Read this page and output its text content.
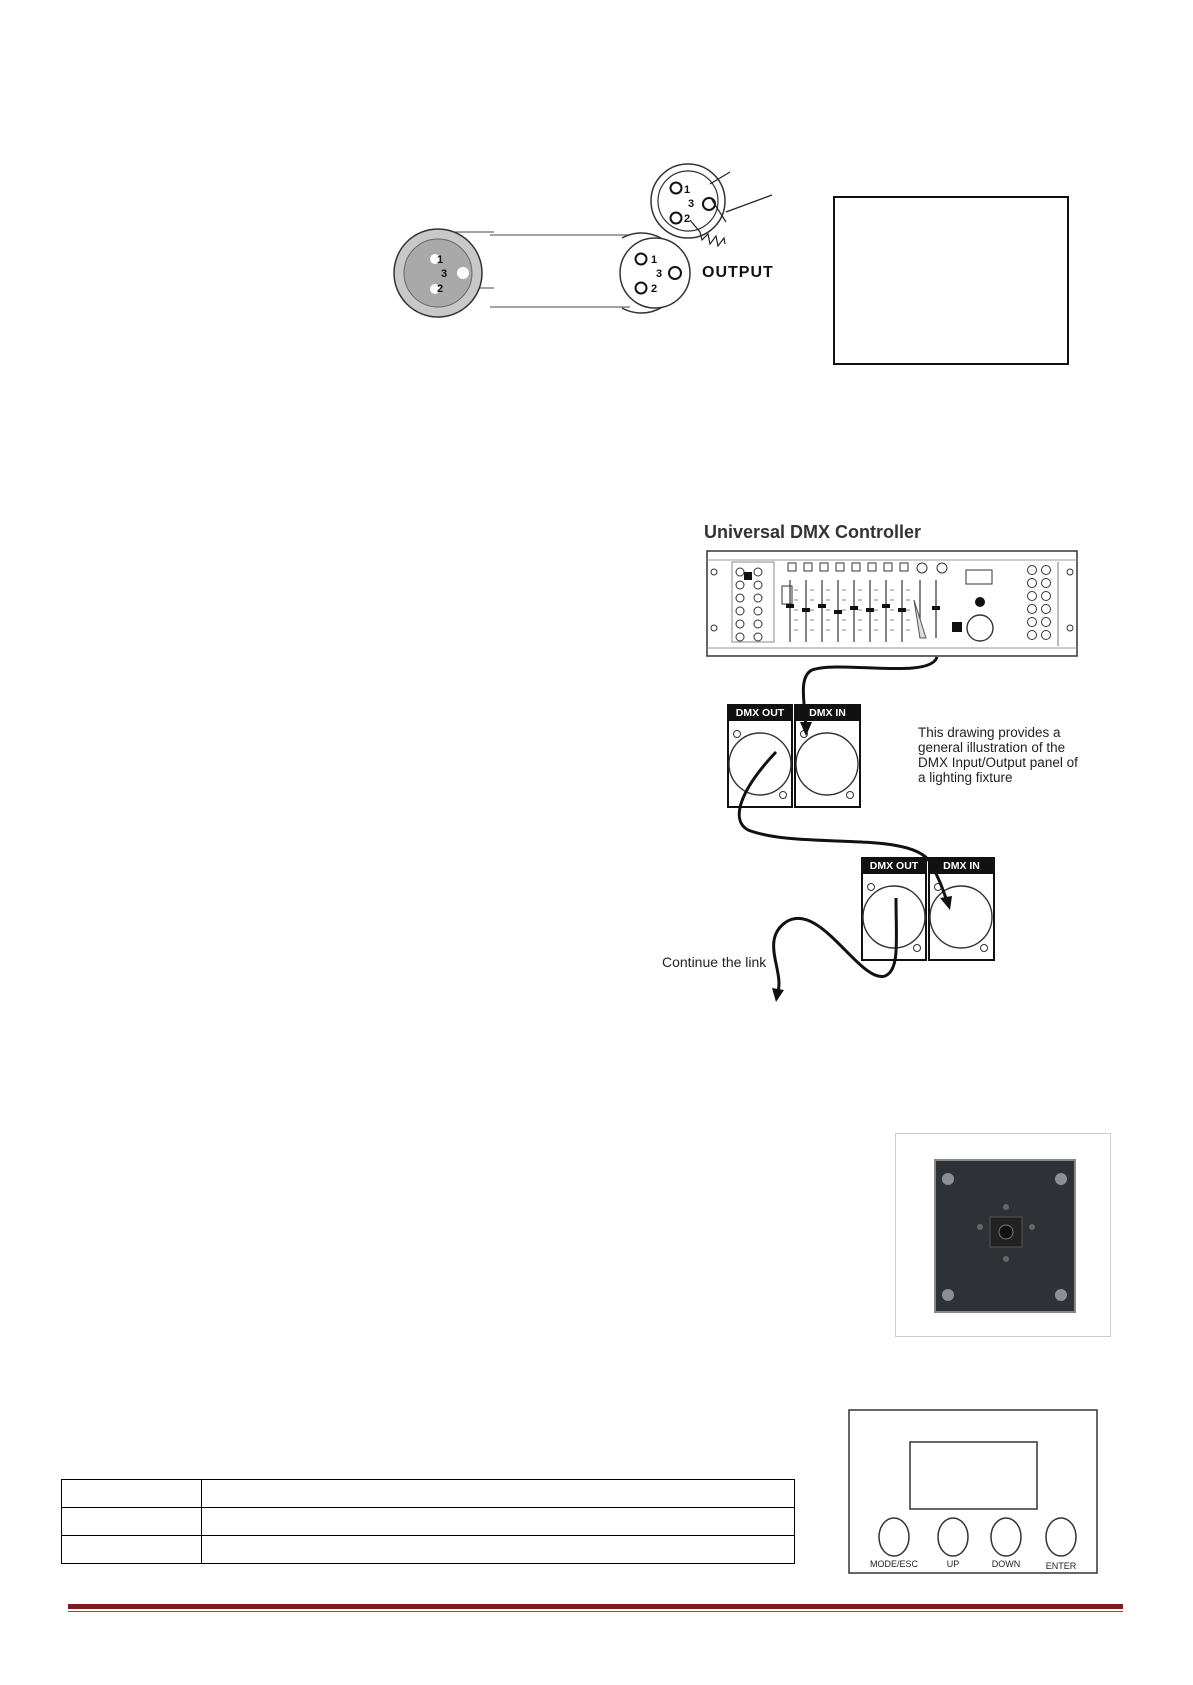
1
3
2
1
3
2
1
3
2
OUTPUT
Universal DMX Controller
DMX OUT	DMX IN
DMX OUT	DMX IN
This drawing provides a
general illustration of the
DMX Input/Output panel of
a lighting fixture
Continue the link

MODE/ESC	UP	DOWN	ENTER
